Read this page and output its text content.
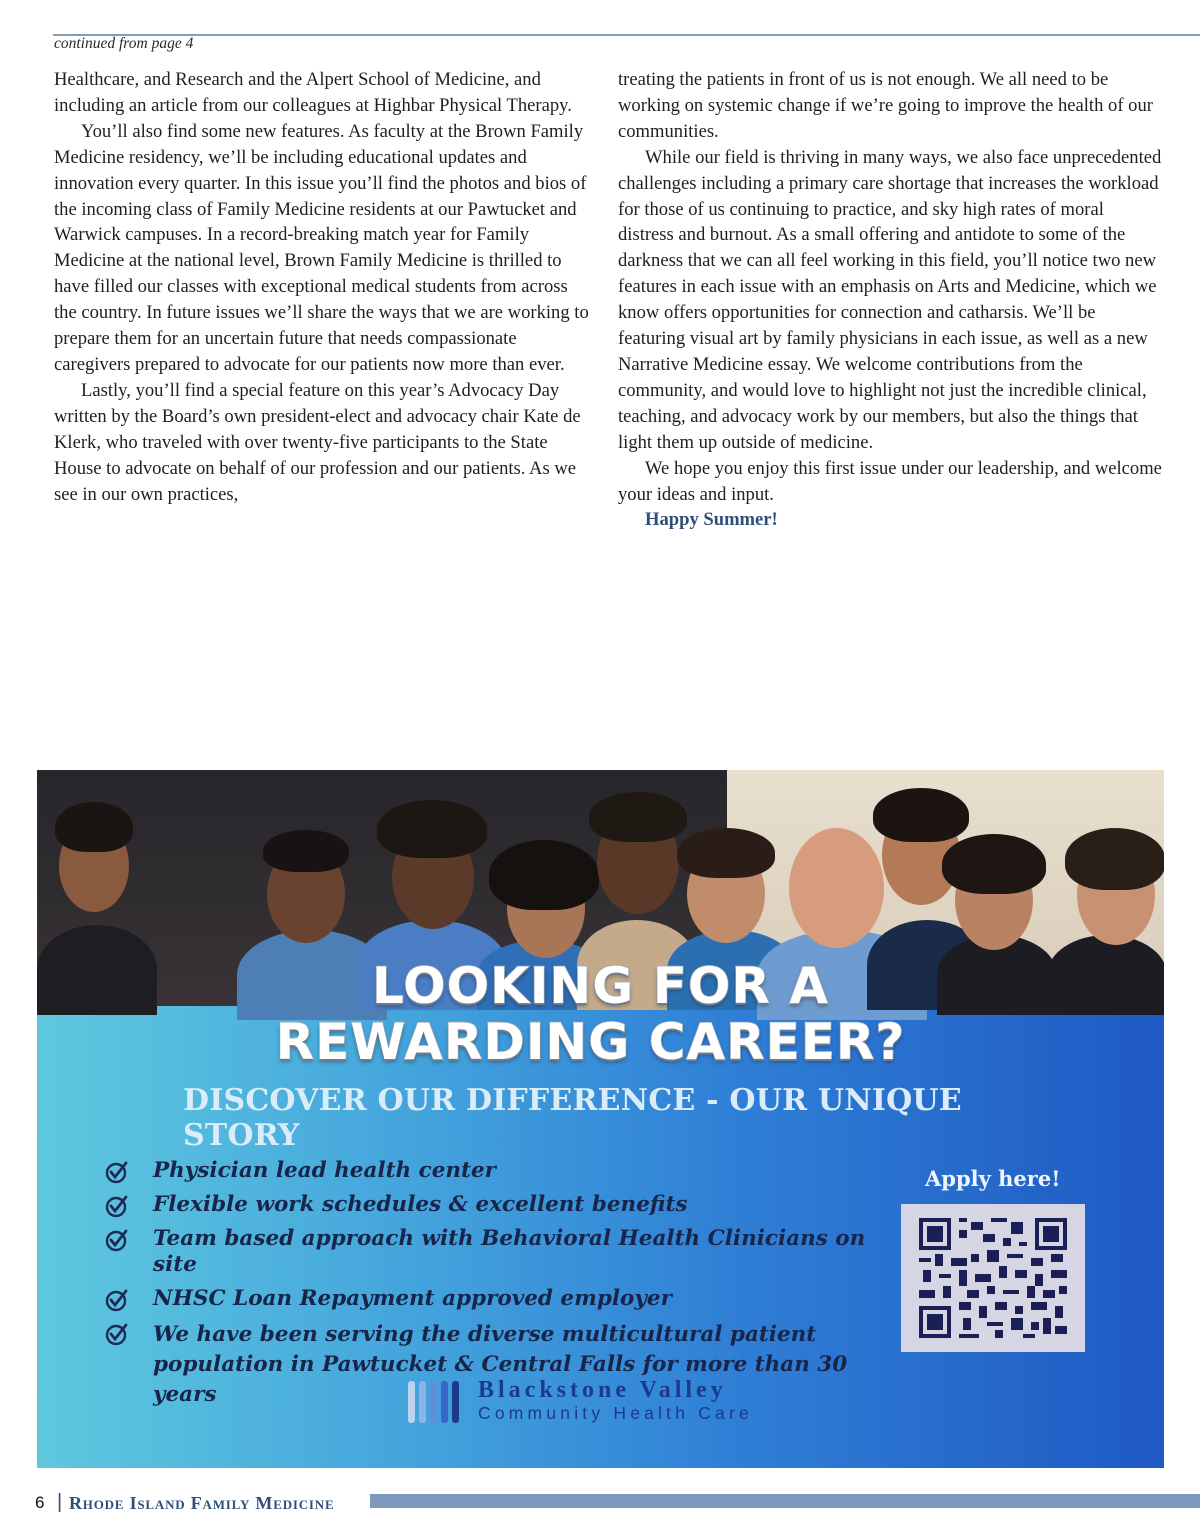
continued from page 4

Healthcare, and Research and the Alpert School of Medicine, and including an article from our colleagues at Highbar Physical Therapy.

You’ll also find some new features. As faculty at the Brown Family Medicine residency, we’ll be including educational updates and innovation every quarter. In this issue you’ll find the photos and bios of the incoming class of Family Medicine residents at our Pawtucket and Warwick campuses. In a record-breaking match year for Family Medicine at the national level, Brown Family Medicine is thrilled to have filled our classes with exceptional medical students from across the country. In future issues we’ll share the ways that we are working to prepare them for an uncertain future that needs compassionate caregivers prepared to advocate for our patients now more than ever.

Lastly, you’ll find a special feature on this year’s Advocacy Day written by the Board’s own president-elect and advocacy chair Kate de Klerk, who traveled with over twenty-five participants to the State House to advocate on behalf of our profession and our patients. As we see in our own practices,

treating the patients in front of us is not enough. We all need to be working on systemic change if we’re going to improve the health of our communities.

While our field is thriving in many ways, we also face unprecedented challenges including a primary care shortage that increases the workload for those of us continuing to practice, and sky high rates of moral distress and burnout. As a small offering and antidote to some of the darkness that we can all feel working in this field, you’ll notice two new features in each issue with an emphasis on Arts and Medicine, which we know offers opportunities for connection and catharsis. We’ll be featuring visual art by family physicians in each issue, as well as a new Narrative Medicine essay. We welcome contributions from the community, and would love to highlight not just the incredible clinical, teaching, and advocacy work by our members, but also the things that light them up outside of medicine.

We hope you enjoy this first issue under our leadership, and welcome your ideas and input.

Happy Summer!

LOOKING FOR A
REWARDING CAREER?
DISCOVER OUR DIFFERENCE - OUR UNIQUE STORY
Physician lead health center
Flexible work schedules & excellent benefits
Team based approach with Behavioral Health Clinicians on site
NHSC Loan Repayment approved employer
We have been serving the diverse multicultural patient population in Pawtucket & Central Falls for more than 30 years
Apply here!
Blackstone Valley
Community Health Care
6 | Rhode Island Family Medicine
